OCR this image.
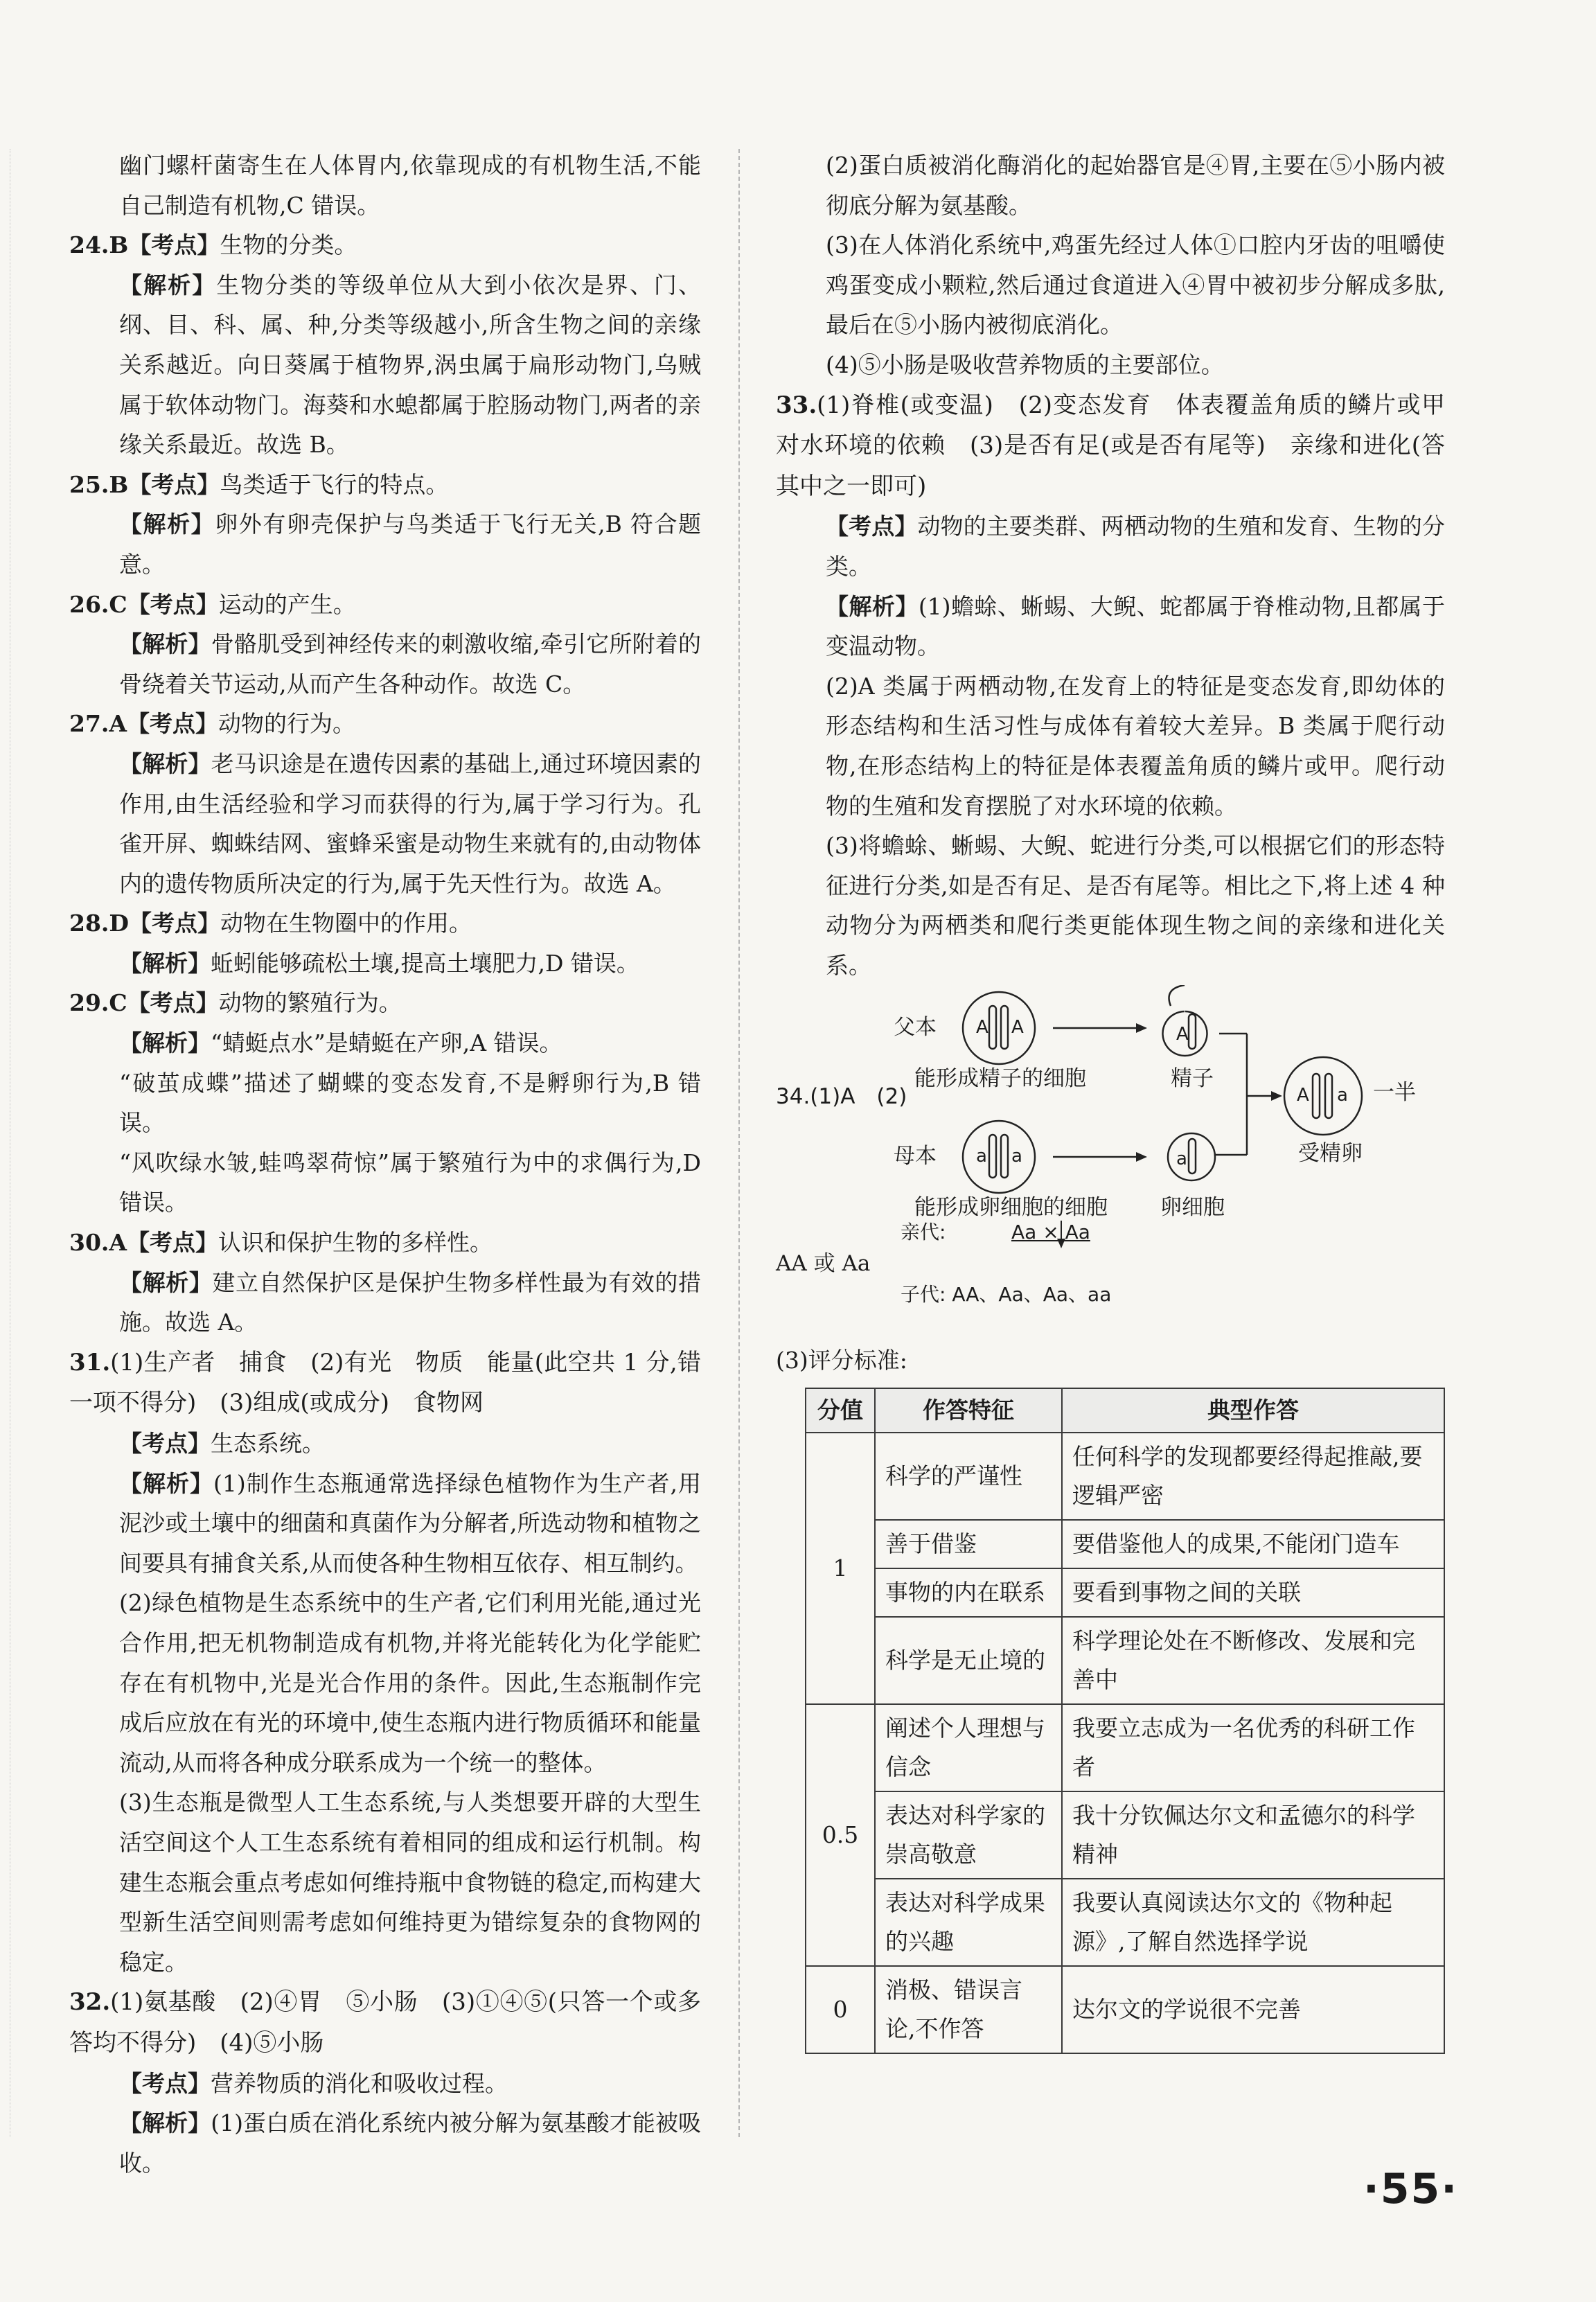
幽门螺杆菌寄生在人体胃内,依靠现成的有机物生活,不能自己制造有机物,C 错误。

24.B【考点】生物的分类。

【解析】生物分类的等级单位从大到小依次是界、门、纲、目、科、属、种,分类等级越小,所含生物之间的亲缘关系越近。向日葵属于植物界,涡虫属于扁形动物门,乌贼属于软体动物门。海葵和水螅都属于腔肠动物门,两者的亲缘关系最近。故选 B。

25.B【考点】鸟类适于飞行的特点。

【解析】卵外有卵壳保护与鸟类适于飞行无关,B 符合题意。

26.C【考点】运动的产生。

【解析】骨骼肌受到神经传来的刺激收缩,牵引它所附着的骨绕着关节运动,从而产生各种动作。故选 C。

27.A【考点】动物的行为。

【解析】老马识途是在遗传因素的基础上,通过环境因素的作用,由生活经验和学习而获得的行为,属于学习行为。孔雀开屏、蜘蛛结网、蜜蜂采蜜是动物生来就有的,由动物体内的遗传物质所决定的行为,属于先天性行为。故选 A。

28.D【考点】动物在生物圈中的作用。

【解析】蚯蚓能够疏松土壤,提高土壤肥力,D 错误。

29.C【考点】动物的繁殖行为。

【解析】“蜻蜓点水”是蜻蜓在产卵,A 错误。

“破茧成蝶”描述了蝴蝶的变态发育,不是孵卵行为,B 错误。

“风吹绿水皱,蛙鸣翠荷惊”属于繁殖行为中的求偶行为,D 错误。

30.A【考点】认识和保护生物的多样性。

【解析】建立自然保护区是保护生物多样性最为有效的措施。故选 A。

31.(1)生产者　捕食　(2)有光　物质　能量(此空共 1 分,错一项不得分)　(3)组成(或成分)　食物网

【考点】生态系统。

【解析】(1)制作生态瓶通常选择绿色植物作为生产者,用泥沙或土壤中的细菌和真菌作为分解者,所选动物和植物之间要具有捕食关系,从而使各种生物相互依存、相互制约。

(2)绿色植物是生态系统中的生产者,它们利用光能,通过光合作用,把无机物制造成有机物,并将光能转化为化学能贮存在有机物中,光是光合作用的条件。因此,生态瓶制作完成后应放在有光的环境中,使生态瓶内进行物质循环和能量流动,从而将各种成分联系成为一个统一的整体。

(3)生态瓶是微型人工生态系统,与人类想要开辟的大型生活空间这个人工生态系统有着相同的组成和运行机制。构建生态瓶会重点考虑如何维持瓶中食物链的稳定,而构建大型新生活空间则需考虑如何维持更为错综复杂的食物网的稳定。

32.(1)氨基酸　(2)④胃　⑤小肠　(3)①④⑤(只答一个或多答均不得分)　(4)⑤小肠

【考点】营养物质的消化和吸收过程。

【解析】(1)蛋白质在消化系统内被分解为氨基酸才能被吸收。

(2)蛋白质被消化酶消化的起始器官是④胃,主要在⑤小肠内被彻底分解为氨基酸。

(3)在人体消化系统中,鸡蛋先经过人体①口腔内牙齿的咀嚼使鸡蛋变成小颗粒,然后通过食道进入④胃中被初步分解成多肽,最后在⑤小肠内被彻底消化。

(4)⑤小肠是吸收营养物质的主要部位。

33.(1)脊椎(或变温)　(2)变态发育　体表覆盖角质的鳞片或甲　对水环境的依赖　(3)是否有足(或是否有尾等)　亲缘和进化(答其中之一即可)

【考点】动物的主要类群、两栖动物的生殖和发育、生物的分类。

【解析】(1)蟾蜍、蜥蜴、大鲵、蛇都属于脊椎动物,且都属于变温动物。

(2)A 类属于两栖动物,在发育上的特征是变态发育,即幼体的形态结构和生活习性与成体有着较大差异。B 类属于爬行动物,在形态结构上的特征是体表覆盖角质的鳞片或甲。爬行动物的生殖和发育摆脱了对水环境的依赖。

(3)将蟾蜍、蜥蜴、大鲵、蛇进行分类,可以根据它们的形态特征进行分类,如是否有足、是否有尾等。相比之下,将上述 4 种动物分为两栖类和爬行类更能体现生物之间的亲缘和进化关系。

父本 A A
能形成精子的细胞
A
精子
34.(1)A　(2)	A a 一半
受精卵
母本 a a
能形成卵细胞的细胞
a
卵细胞
亲代:	Aa × Aa
AA 或 Aa
子代: AA、Aa、Aa、aa

(3)评分标准:

分值	作答特征	典型作答
1	科学的严谨性	任何科学的发现都要经得起推敲,要逻辑严密
	善于借鉴	要借鉴他人的成果,不能闭门造车
	事物的内在联系	要看到事物之间的关联
	科学是无止境的	科学理论处在不断修改、发展和完善中
0.5	阐述个人理想与信念	我要立志成为一名优秀的科研工作者
	表达对科学家的崇高敬意	我十分钦佩达尔文和孟德尔的科学精神
	表达对科学成果的兴趣	我要认真阅读达尔文的《物种起源》,了解自然选择学说
0	消极、错误言论,不作答	达尔文的学说很不完善
·55·
